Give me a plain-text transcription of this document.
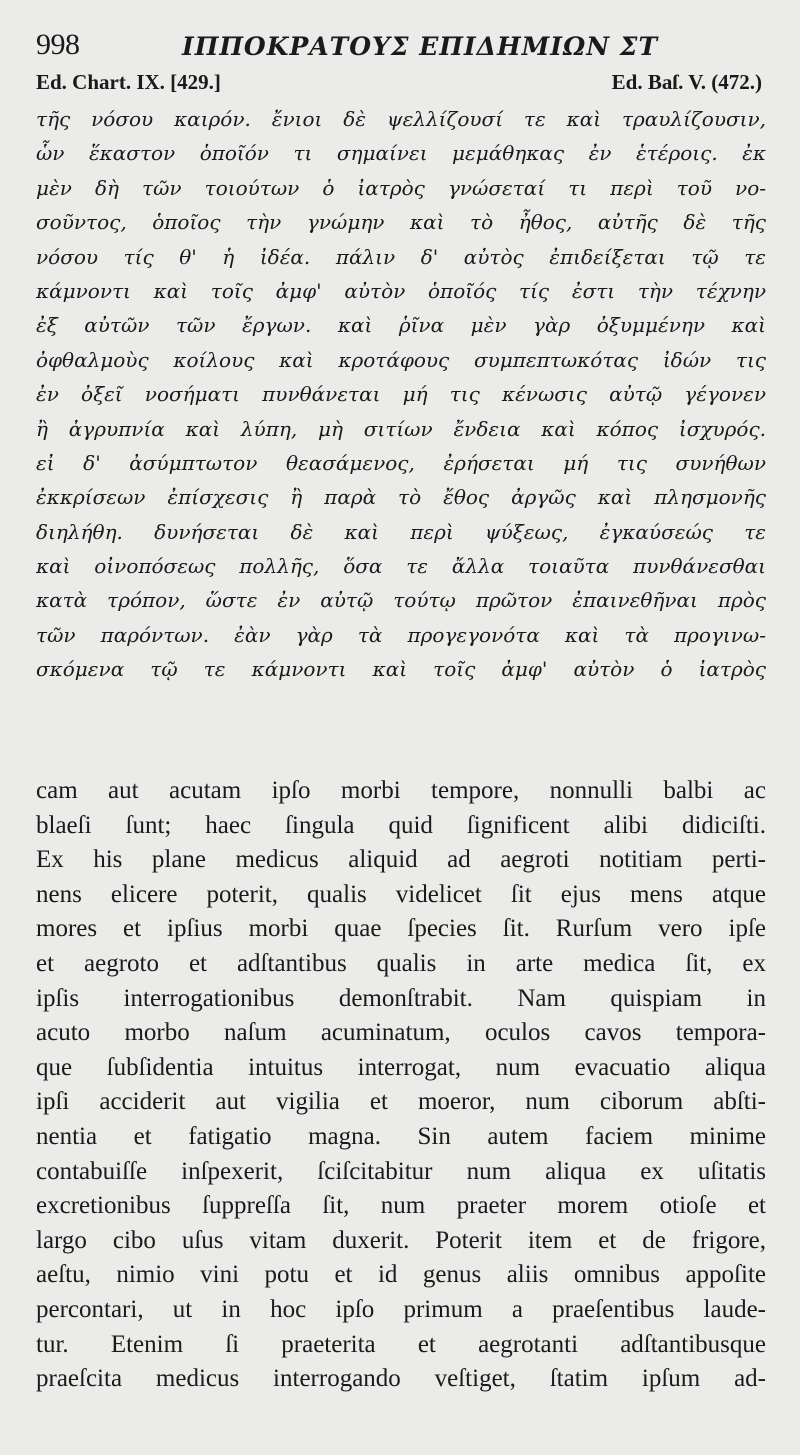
998	ΙΠΠΟΚΡΑΤΟΥΣ ΕΠΙΔΗΜΙΩΝ ΣΤ
Ed. Chart. IX. [429.]	Ed. Baſ. V. (472.)
τῆς νόσου καιρόν. ἔνιοι δὲ ψελλίζουσί τε καὶ τραυλίζουσιν,
ὧν ἕκαστον ὁποῖόν τι σημαίνει μεμάθηκας ἐν ἑτέροις. ἐκ
μὲν δὴ τῶν τοιούτων ὁ ἰατρὸς γνώσεταί τι περὶ τοῦ νο-
σοῦντος, ὁποῖος τὴν γνώμην καὶ τὸ ἦθος, αὐτῆς δὲ τῆς
νόσου τίς θ' ἡ ἰδέα. πάλιν δ' αὐτὸς ἐπιδείξεται τῷ τε
κάμνοντι καὶ τοῖς ἀμφ' αὐτὸν ὁποῖός τίς ἐστι τὴν τέχνην
ἐξ αὐτῶν τῶν ἔργων. καὶ ῥῖνα μὲν γὰρ ὀξυμμένην καὶ
ὀφθαλμοὺς κοίλους καὶ κροτάφους συμπεπτωκότας ἰδών τις
ἐν ὀξεῖ νοσήματι πυνθάνεται μή τις κένωσις αὐτῷ γέγονεν
ἢ ἀγρυπνία καὶ λύπη, μὴ σιτίων ἔνδεια καὶ κόπος ἰσχυρός.
εἰ δ' ἀσύμπτωτον θεασάμενος, ἐρήσεται μή τις συνήθων
ἐκκρίσεων ἐπίσχεσις ἢ παρὰ τὸ ἔθος ἀργῶς καὶ πλησμονῆς
διηλήθη. δυνήσεται δὲ καὶ περὶ ψύξεως, ἐγκαύσεώς τε
καὶ οἰνοπόσεως πολλῆς, ὅσα τε ἄλλα τοιαῦτα πυνθάνεσθαι
κατὰ τρόπον, ὥστε ἐν αὐτῷ τούτῳ πρῶτον ἐπαινεθῆναι πρὸς
τῶν παρόντων. ἐὰν γὰρ τὰ προγεγονότα καὶ τὰ προγινω-
σκόμενα τῷ τε κάμνοντι καὶ τοῖς ἀμφ' αὐτὸν ὁ ἰατρὸς
cam aut acutam ipſo morbi tempore, nonnulli balbi ac
blaeſi ſunt; haec ſingula quid ſignificent alibi didiciſti.
Ex his plane medicus aliquid ad aegroti notitiam perti-
nens elicere poterit, qualis videlicet ſit ejus mens atque
mores et ipſius morbi quae ſpecies ſit. Rurſum vero ipſe
et aegroto et adſtantibus qualis in arte medica ſit, ex
ipſis interrogationibus demonſtrabit. Nam quispiam in
acuto morbo naſum acuminatum, oculos cavos tempora-
que ſubſidentia intuitus interrogat, num evacuatio aliqua
ipſi acciderit aut vigilia et moeror, num ciborum abſti-
nentia et fatigatio magna. Sin autem faciem minime
contabuiſſe inſpexerit, ſciſcitabitur num aliqua ex uſitatis
excretionibus ſuppreſſa ſit, num praeter morem otioſe et
largo cibo uſus vitam duxerit. Poterit item et de frigore,
aeſtu, nimio vini potu et id genus aliis omnibus appoſite
percontari, ut in hoc ipſo primum a praeſentibus laude-
tur. Etenim ſi praeterita et aegrotanti adſtantibusque
praeſcita medicus interrogando veſtiget, ſtatim ipſum ad-
